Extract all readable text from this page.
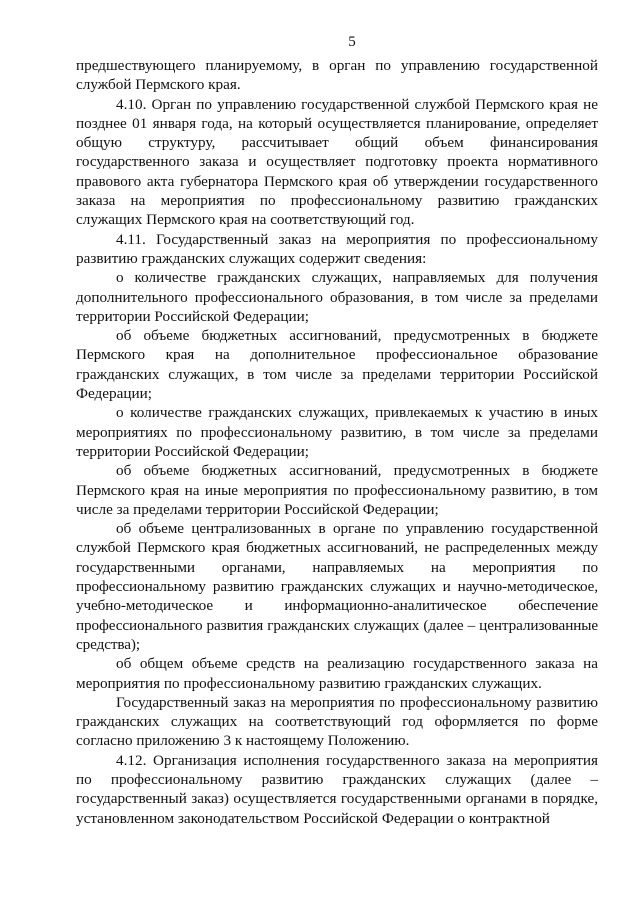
5

предшествующего планируемому, в орган по управлению государственной службой Пермского края.

4.10. Орган по управлению государственной службой Пермского края не позднее 01 января года, на который осуществляется планирование, определяет общую структуру, рассчитывает общий объем финансирования государственного заказа и осуществляет подготовку проекта нормативного правового акта губернатора Пермского края об утверждении государственного заказа на мероприятия по профессиональному развитию гражданских служащих Пермского края на соответствующий год.

4.11. Государственный заказ на мероприятия по профессиональному развитию гражданских служащих содержит сведения:

о количестве гражданских служащих, направляемых для получения дополнительного профессионального образования, в том числе за пределами территории Российской Федерации;

об объеме бюджетных ассигнований, предусмотренных в бюджете Пермского края на дополнительное профессиональное образование гражданских служащих, в том числе за пределами территории Российской Федерации;

о количестве гражданских служащих, привлекаемых к участию в иных мероприятиях по профессиональному развитию, в том числе за пределами территории Российской Федерации;

об объеме бюджетных ассигнований, предусмотренных в бюджете Пермского края на иные мероприятия по профессиональному развитию, в том числе за пределами территории Российской Федерации;

об объеме централизованных в органе по управлению государственной службой Пермского края бюджетных ассигнований, не распределенных между государственными органами, направляемых на мероприятия по профессиональному развитию гражданских служащих и научно-методическое, учебно-методическое и информационно-аналитическое обеспечение профессионального развития гражданских служащих (далее – централизованные средства);

об общем объеме средств на реализацию государственного заказа на мероприятия по профессиональному развитию гражданских служащих.

Государственный заказ на мероприятия по профессиональному развитию гражданских служащих на соответствующий год оформляется по форме согласно приложению 3 к настоящему Положению.

4.12. Организация исполнения государственного заказа на мероприятия по профессиональному развитию гражданских служащих (далее – государственный заказ) осуществляется государственными органами в порядке, установленном законодательством Российской Федерации о контрактной
